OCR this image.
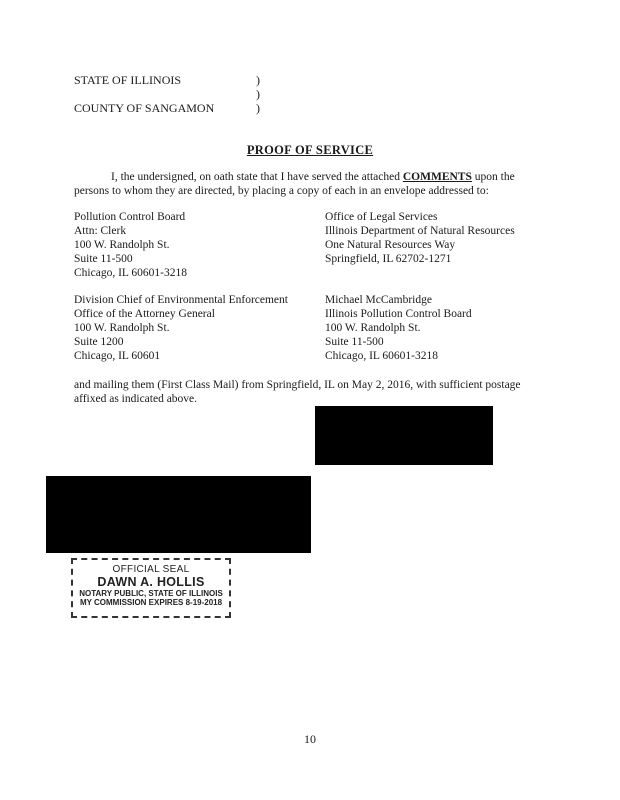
STATE OF ILLINOIS	)
)
COUNTY OF SANGAMON	)
PROOF OF SERVICE
I, the undersigned, on oath state that I have served the attached COMMENTS upon the persons to whom they are directed, by placing a copy of each in an envelope addressed to:
Pollution Control Board
Attn: Clerk
100 W. Randolph St.
Suite 11-500
Chicago, IL 60601-3218
Office of Legal Services
Illinois Department of Natural Resources
One Natural Resources Way
Springfield, IL 62702-1271
Division Chief of Environmental Enforcement
Office of the Attorney General
100 W. Randolph St.
Suite 1200
Chicago, IL 60601
Michael McCambridge
Illinois Pollution Control Board
100 W. Randolph St.
Suite 11-500
Chicago, IL 60601-3218
and mailing them (First Class Mail) from Springfield, IL on May 2, 2016, with sufficient postage affixed as indicated above.
OFFICIAL SEAL
DAWN A. HOLLIS
NOTARY PUBLIC, STATE OF ILLINOIS
MY COMMISSION EXPIRES 8-19-2018
10
